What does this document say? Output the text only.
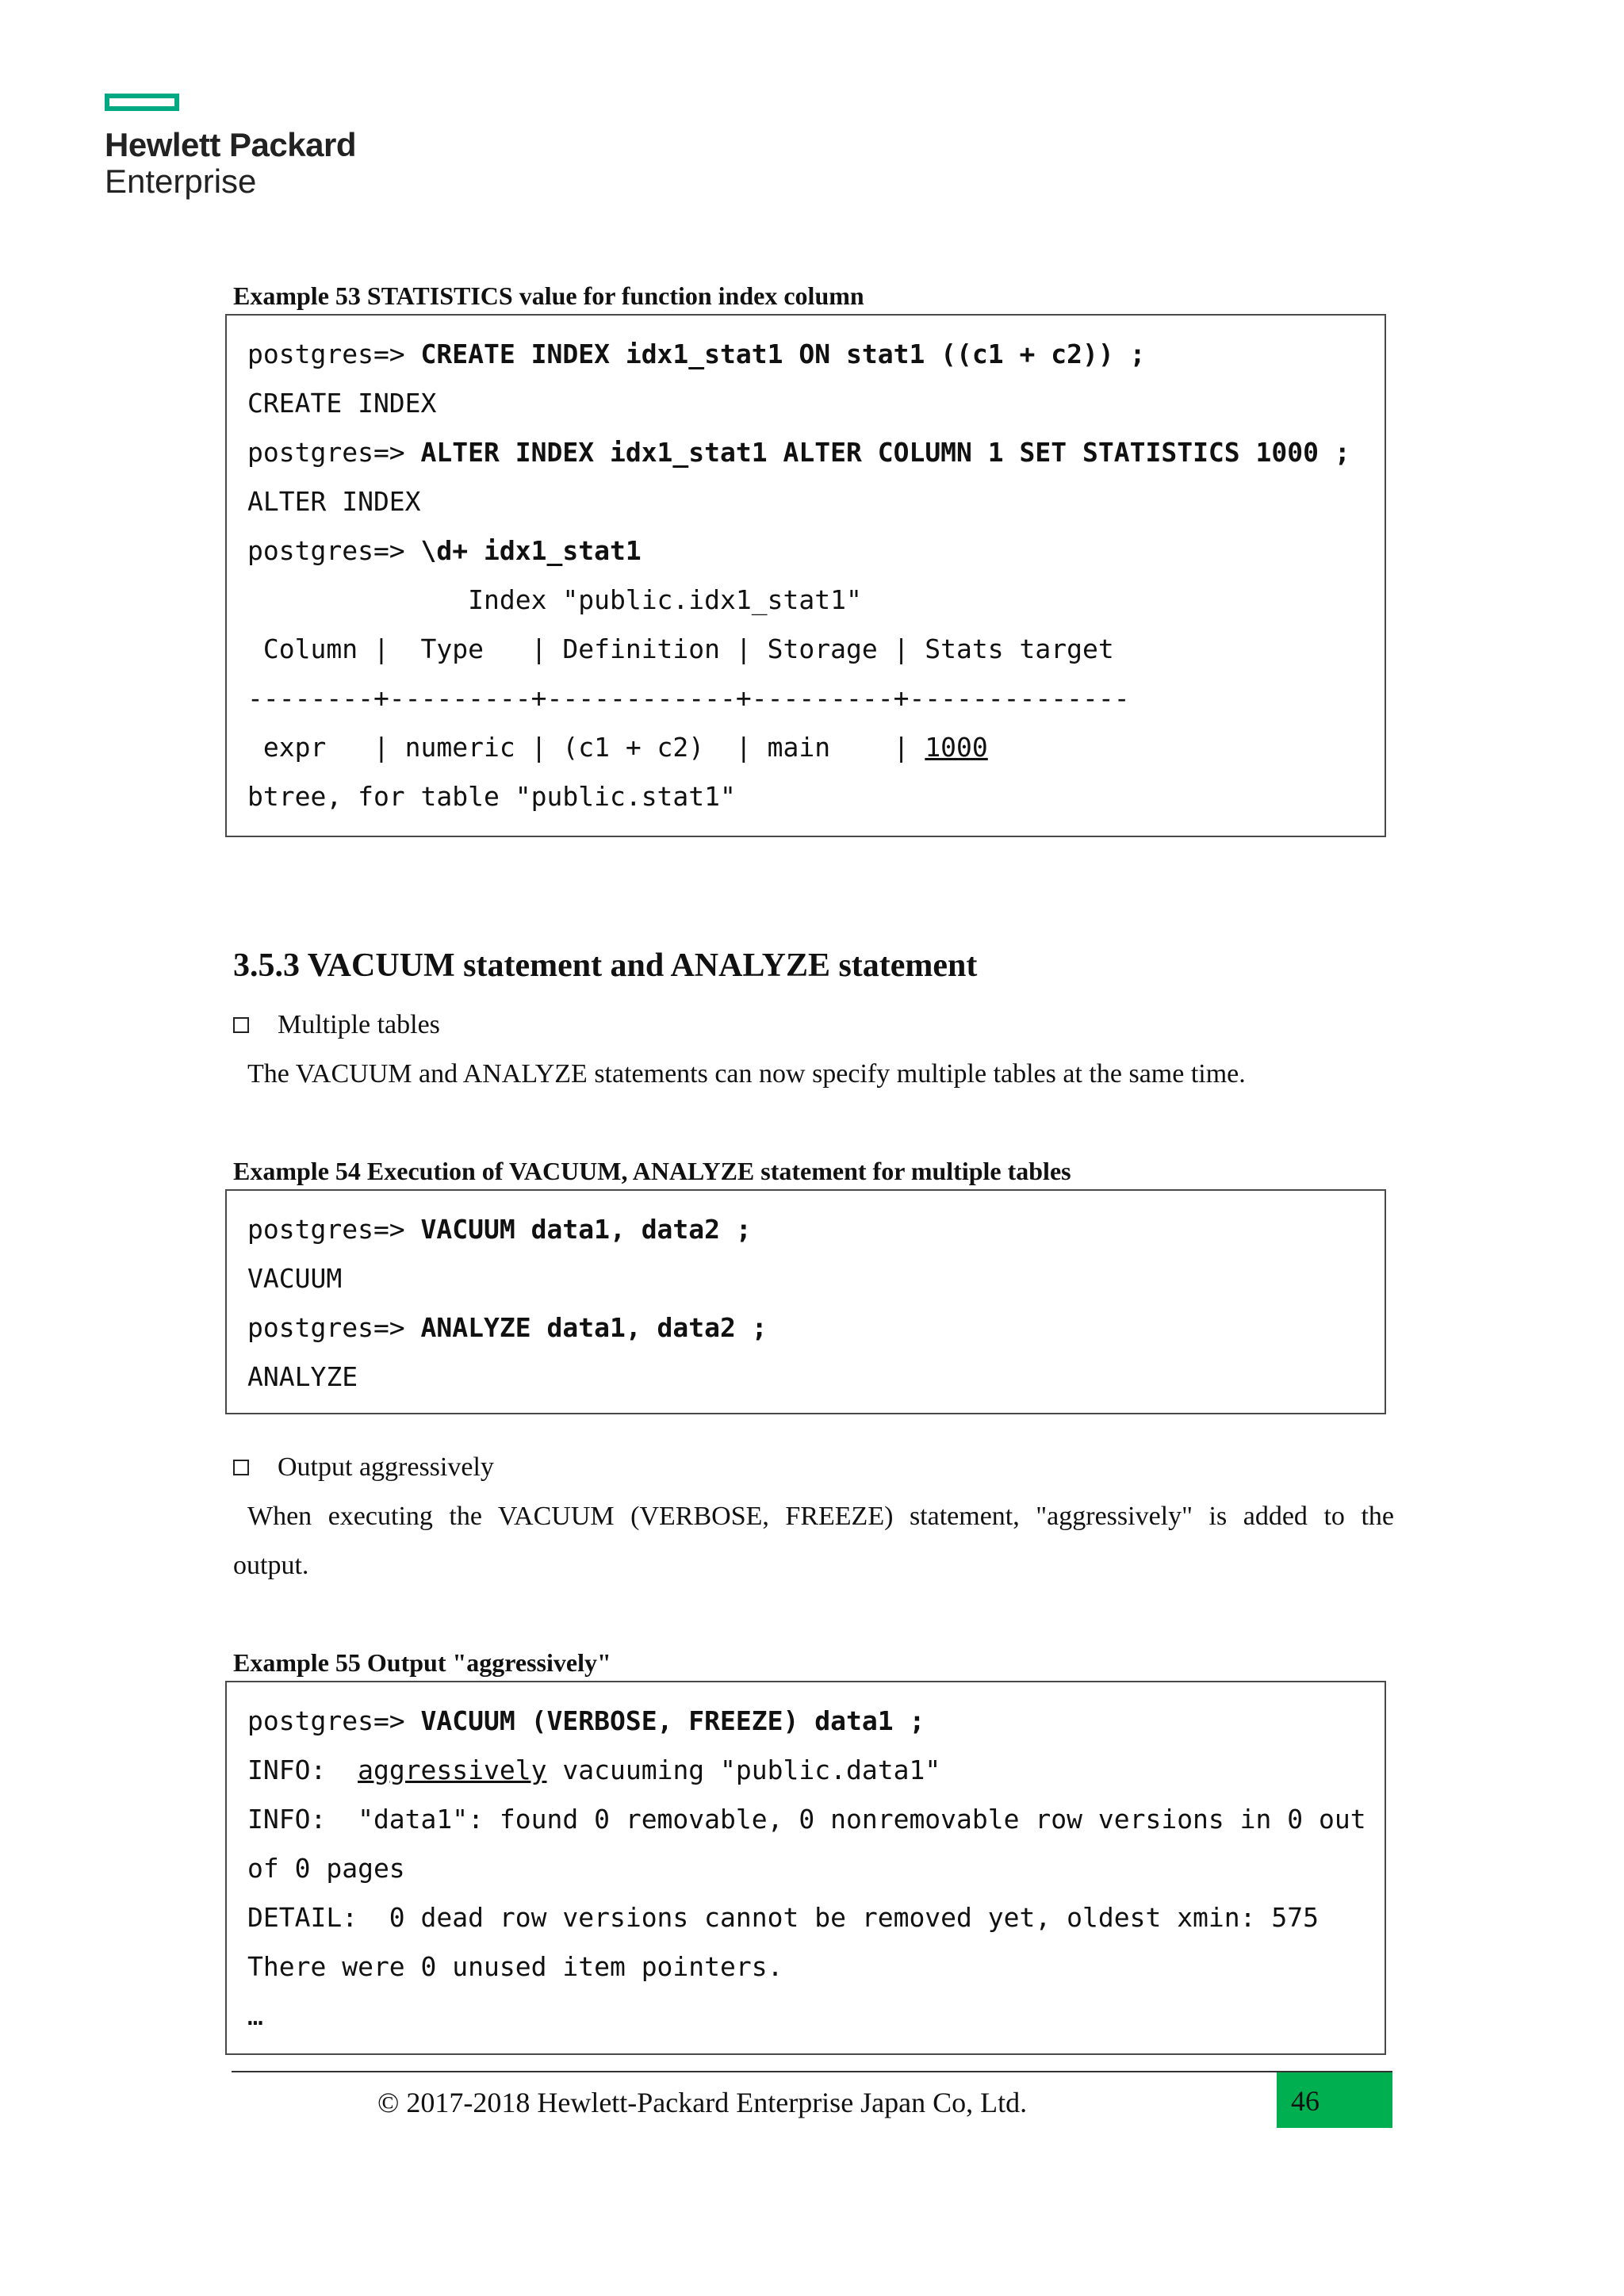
Hewlett Packard
Enterprise
Example 53 STATISTICS value for function index column
postgres=> CREATE INDEX idx1_stat1 ON stat1 ((c1 + c2)) ;
CREATE INDEX
postgres=> ALTER INDEX idx1_stat1 ALTER COLUMN 1 SET STATISTICS 1000 ;
ALTER INDEX
postgres=> \d+ idx1_stat1
Index "public.idx1_stat1"
Column |  Type   | Definition | Storage | Stats target
--------+---------+------------+---------+--------------
expr   | numeric | (c1 + c2)  | main    | 1000
btree, for table "public.stat1"
3.5.3 VACUUM statement and ANALYZE statement
Multiple tables
The VACUUM and ANALYZE statements can now specify multiple tables at the same time.
Example 54 Execution of VACUUM, ANALYZE statement for multiple tables
postgres=> VACUUM data1, data2 ;
VACUUM
postgres=> ANALYZE data1, data2 ;
ANALYZE
Output aggressively
When executing the VACUUM (VERBOSE, FREEZE) statement, "aggressively" is added to the
output.
Example 55 Output "aggressively"
postgres=> VACUUM (VERBOSE, FREEZE) data1 ;
INFO:  aggressively vacuuming "public.data1"
INFO:  "data1": found 0 removable, 0 nonremovable row versions in 0 out
of 0 pages
DETAIL:  0 dead row versions cannot be removed yet, oldest xmin: 575
There were 0 unused item pointers.
…
© 2017-2018 Hewlett-Packard Enterprise Japan Co, Ltd.	46
